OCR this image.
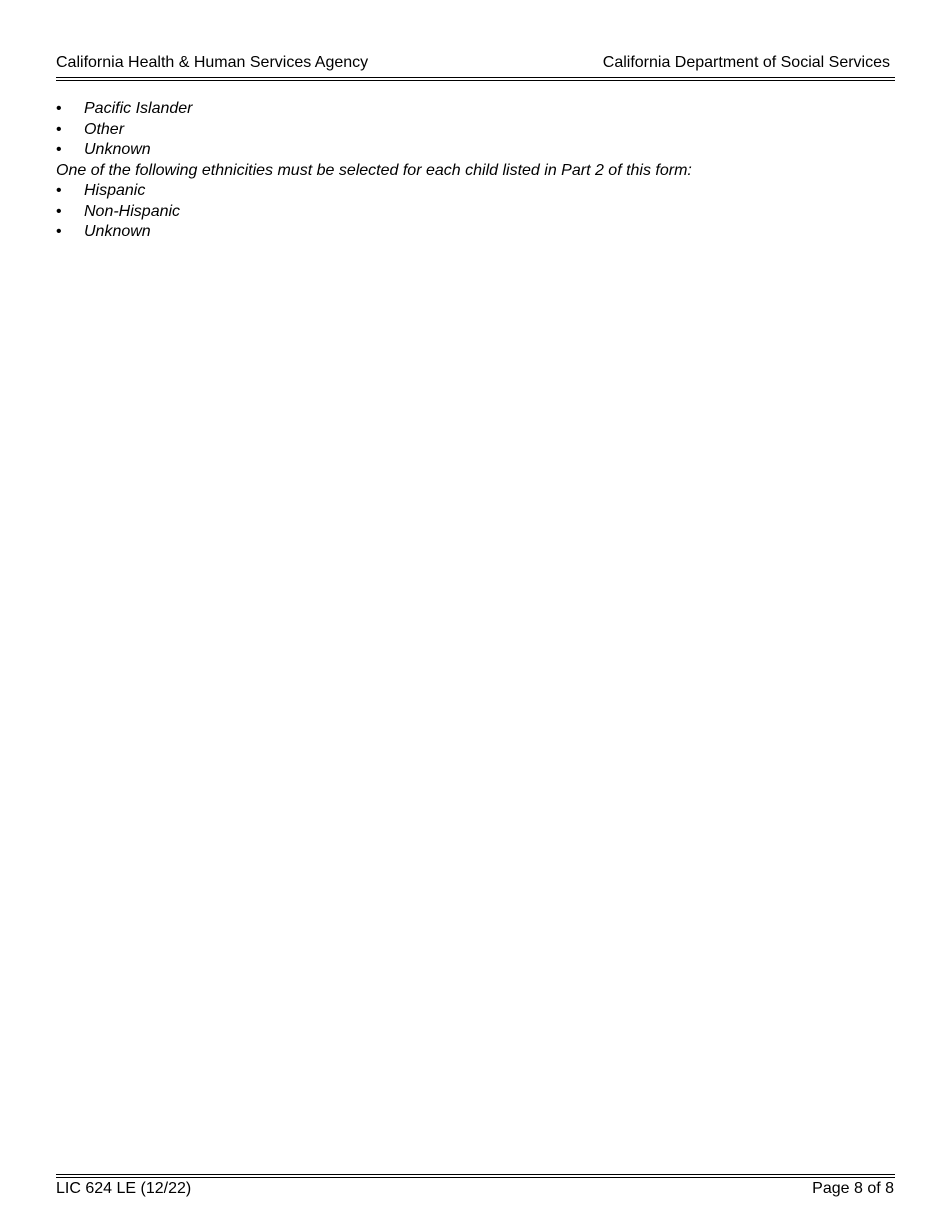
California Health & Human Services Agency	California Department of Social Services
• Pacific Islander
• Other
• Unknown
One of the following ethnicities must be selected for each child listed in Part 2 of this form:
• Hispanic
• Non-Hispanic
• Unknown
LIC 624 LE (12/22)	Page 8 of 8
